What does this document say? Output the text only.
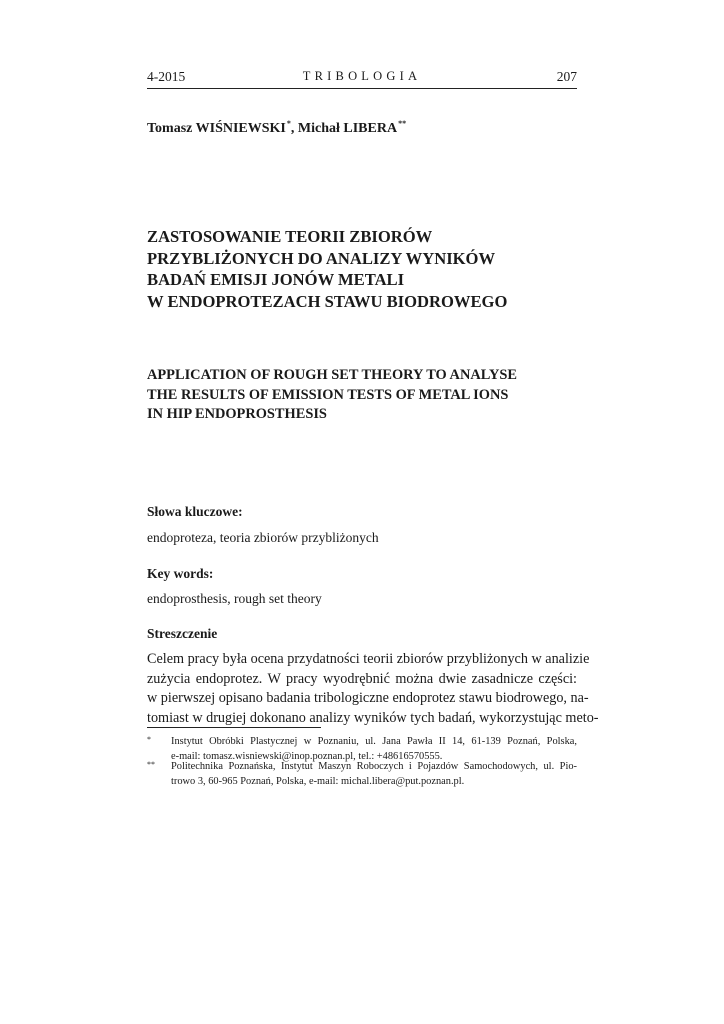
4-2015	TRIBOLOGIA	207
Tomasz WIŚNIEWSKI*, Michał LIBERA**
ZASTOSOWANIE TEORII ZBIORÓW
PRZYBLIŻONYCH DO ANALIZY WYNIKÓW
BADAŃ EMISJI JONÓW METALI
W ENDOPROTEZACH STAWU BIODROWEGO
APPLICATION OF ROUGH SET THEORY TO ANALYSE
THE RESULTS OF EMISSION TESTS OF METAL IONS
IN HIP ENDOPROSTHESIS
Słowa kluczowe:
endoproteza, teoria zbiorów przybliżonych
Key words:
endoprosthesis, rough set theory
Streszczenie
Celem pracy była ocena przydatności teorii zbiorów przybliżonych w analizie
zużycia endoprotez. W pracy wyodrębnić można dwie zasadnicze części:
w pierwszej opisano badania tribologiczne endoprotez stawu biodrowego, na-
tomiast w drugiej dokonano analizy wyników tych badań, wykorzystując meto-
* Instytut Obróbki Plastycznej w Poznaniu, ul. Jana Pawła II 14, 61-139 Poznań, Polska,
e-mail: tomasz.wisniewski@inop.poznan.pl, tel.: +48616570555.
** Politechnika Poznańska, Instytut Maszyn Roboczych i Pojazdów Samochodowych, ul. Pio-
trowo 3, 60-965 Poznań, Polska, e-mail: michal.libera@put.poznan.pl.
